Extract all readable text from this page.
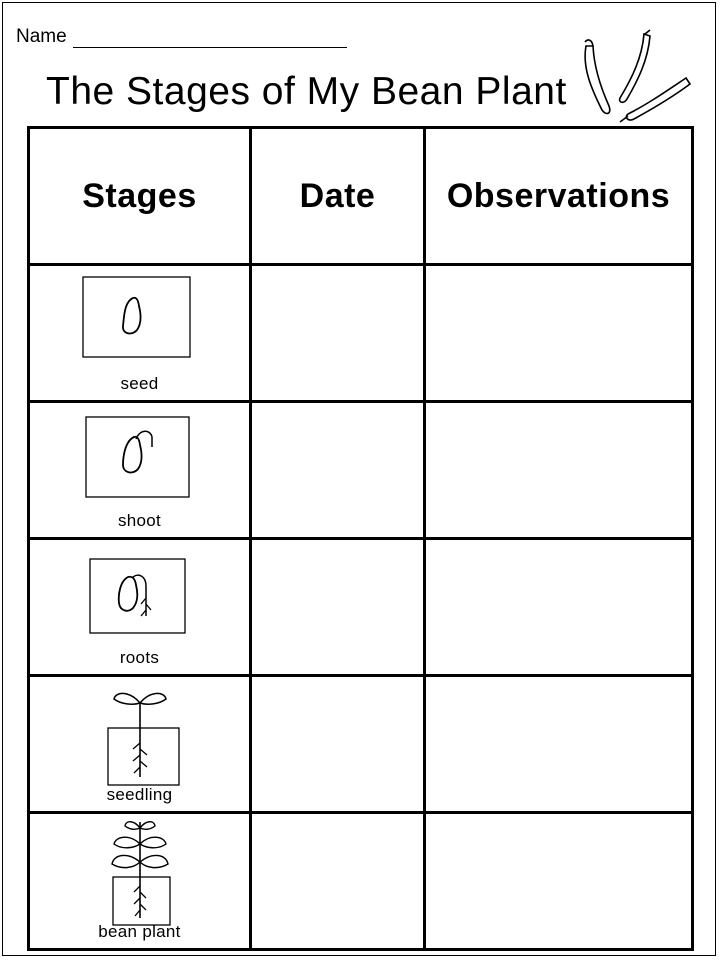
Name
The Stages of My Bean Plant
Stages	Date	Observations

seed		

shoot		

roots		

seedling		

bean plant		
